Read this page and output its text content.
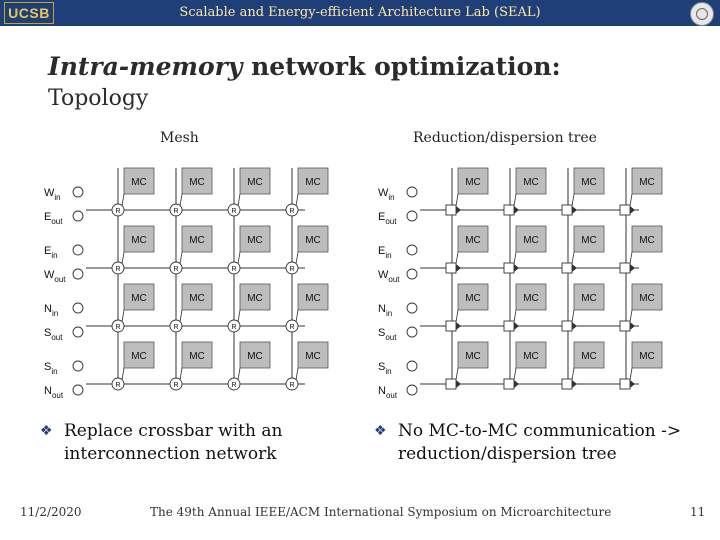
UCSB	Scalable and Energy-efficient Architecture Lab (SEAL)
Intra-memory network optimization:
Topology
Mesh	Reduction/dispersion tree
MC	MC	MC	MC
MC	MC	MC	MC
MC	MC	MC	MC
MC	MC	MC	MC
R	R	R	R
R	R	R	R
R	R	R	R
R	R	R	R
$W_{in}$
$E_{out}$
$E_{in}$
$W_{out}$
$N_{in}$
$S_{out}$
$S_{in}$
$N_{out}$
MC	MC	MC	MC
MC	MC	MC	MC
MC	MC	MC	MC
MC	MC	MC	MC
$W_{in}$
$E_{out}$
$E_{in}$
$W_{out}$
$N_{in}$
$S_{out}$
$S_{in}$
$N_{out}$
❖ Replace crossbar with an interconnection network
❖ No MC-to-MC communication -> reduction/dispersion tree
11/2/2020	The 49th Annual IEEE/ACM International Symposium on Microarchitecture	11
